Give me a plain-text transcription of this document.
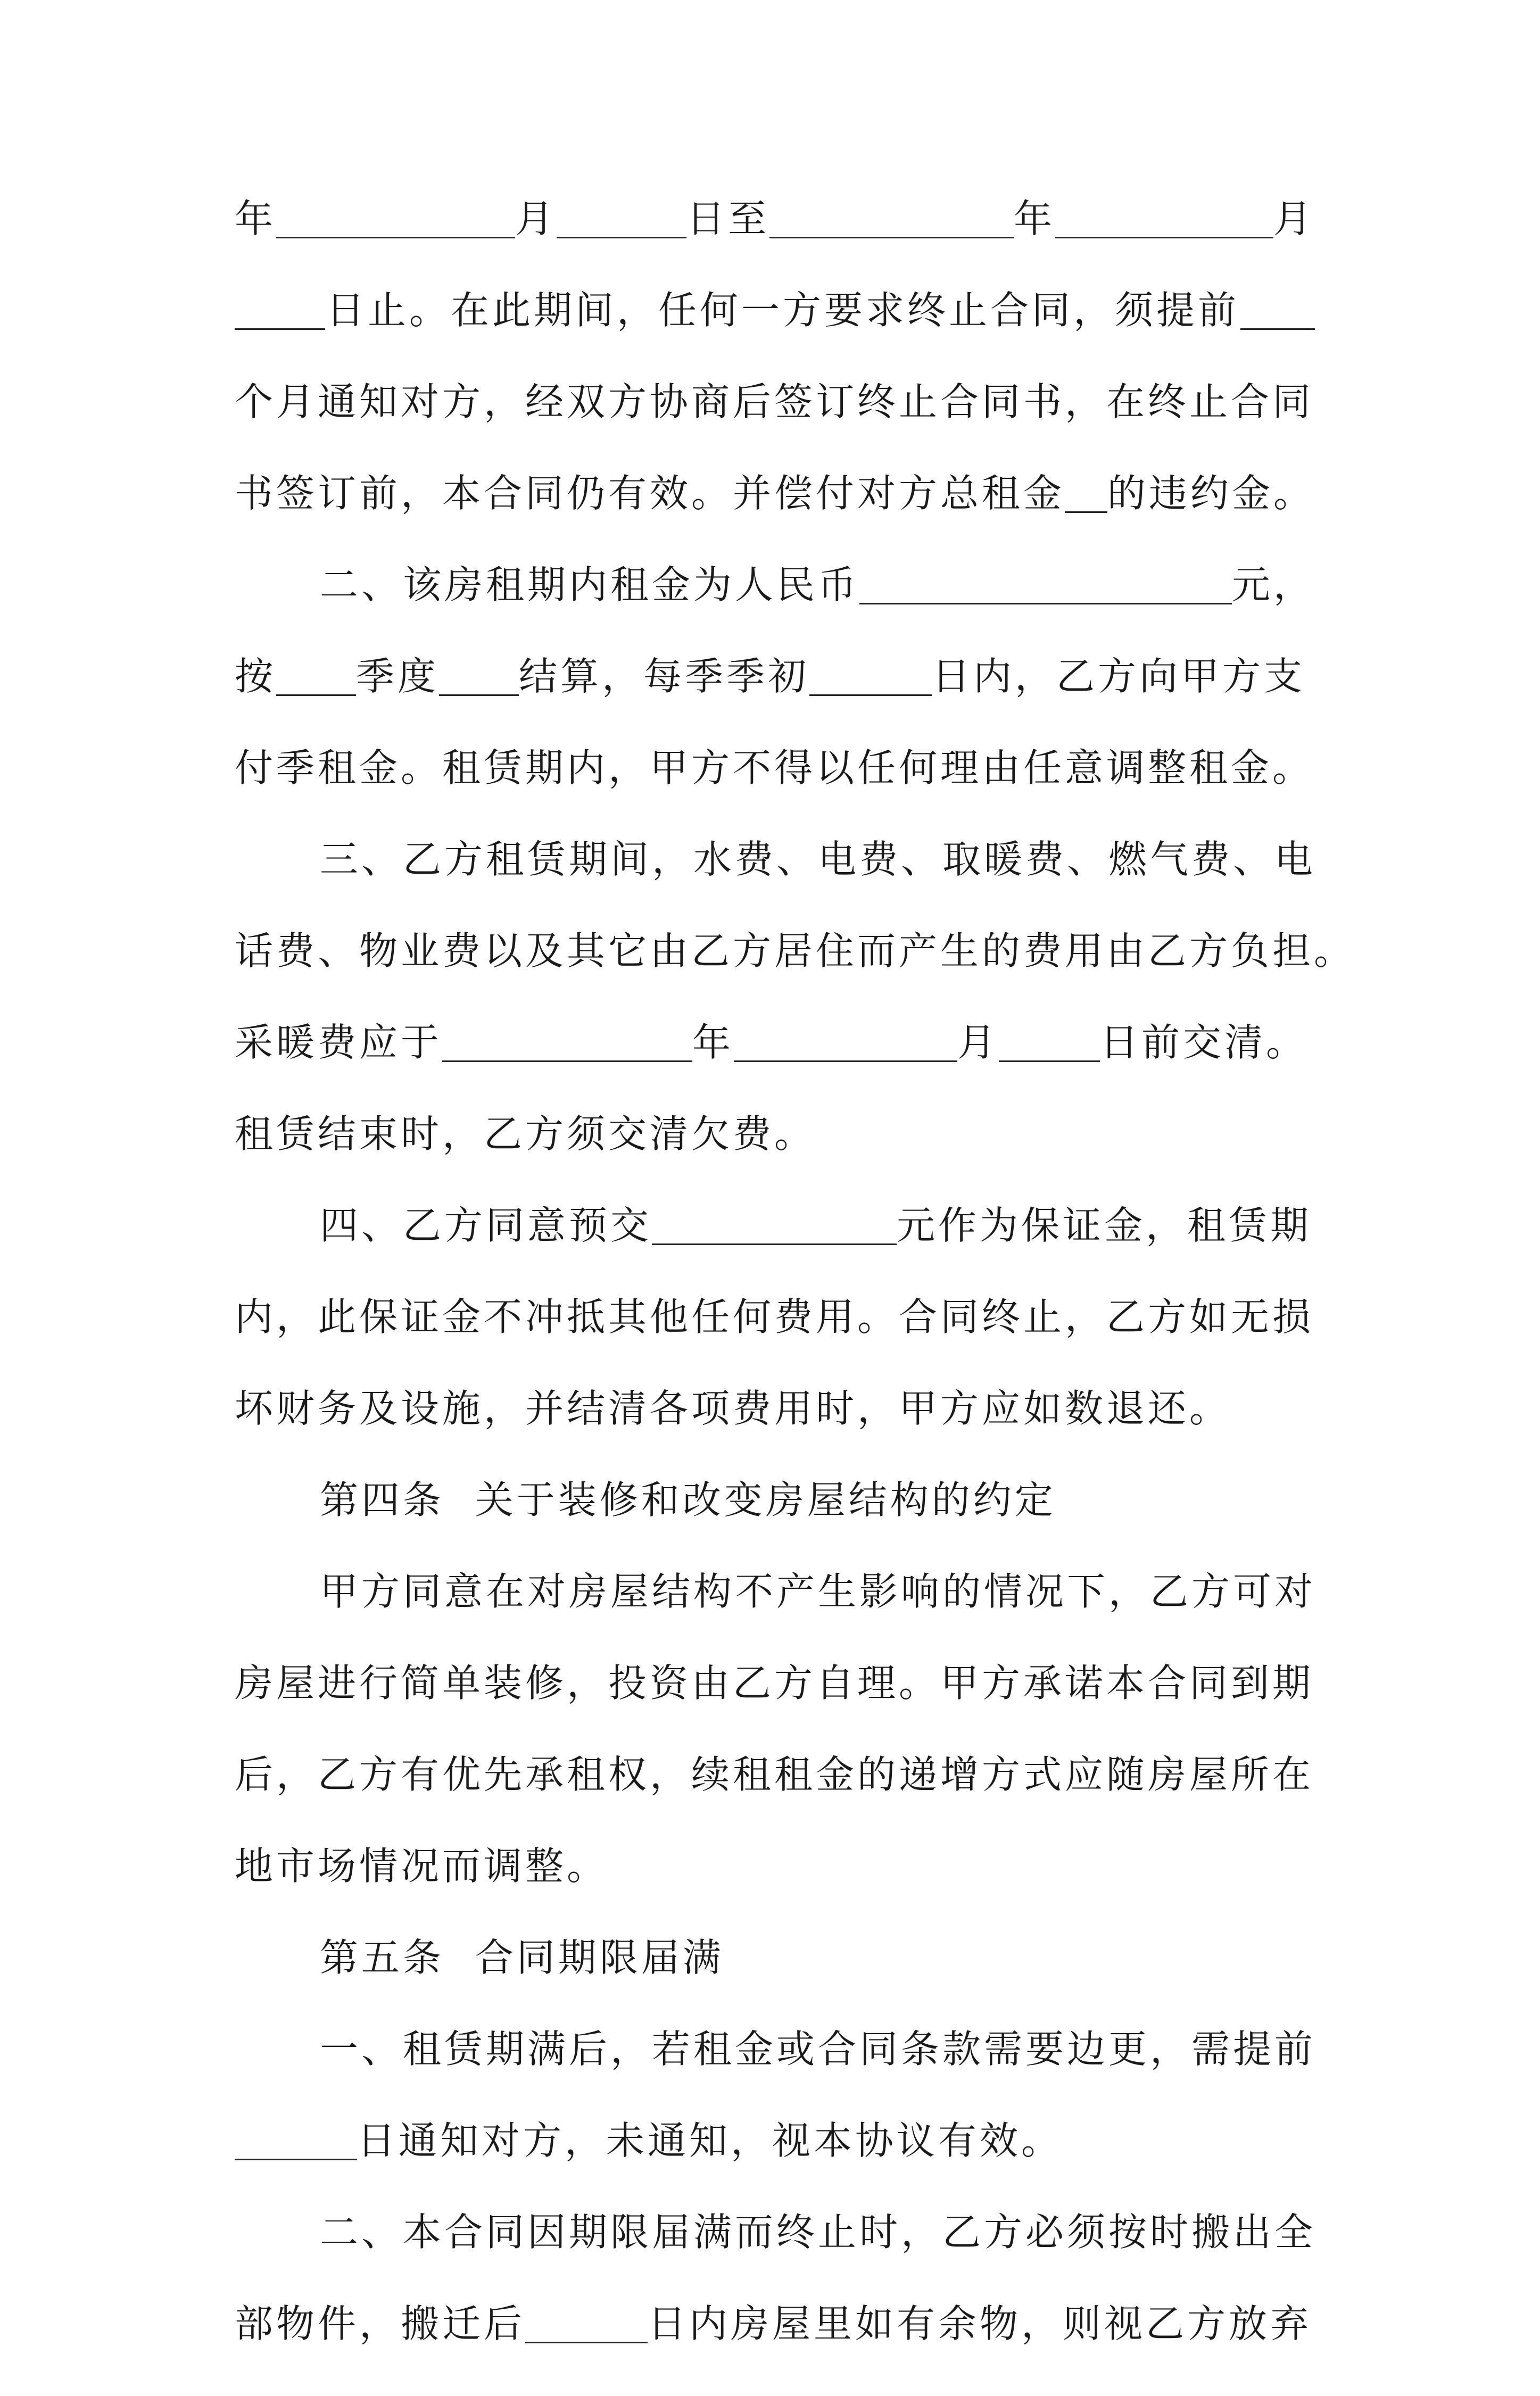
年	月	日至	年	月
日止。在此期间，任何一方要求终止合同，须提前
个月通知对方，经双方协商后签订终止合同书，在终止合同
书签订前，本合同仍有效。并偿付对方总租金 的违约金。
二、该房租期内租金为人民币	元，
按 季度 结算，每季季初	日内，乙方向甲方支
付季租金。租赁期内，甲方不得以任何理由任意调整租金。
三、乙方租赁期间，水费、电费、取暖费、燃气费、电
话费、物业费以及其它由乙方居住而产生的费用由乙方负担。
采暖费应于	年	月	日前交清。
租赁结束时，乙方须交清欠费。
四、乙方同意预交	元作为保证金，租赁期
内，此保证金不冲抵其他任何费用。合同终止，乙方如无损
坏财务及设施，并结清各项费用时，甲方应如数退还。
第四条  关于装修和改变房屋结构的约定
甲方同意在对房屋结构不产生影响的情况下，乙方可对
房屋进行简单装修，投资由乙方自理。甲方承诺本合同到期
后，乙方有优先承租权，续租租金的递增方式应随房屋所在
地市场情况而调整。
第五条  合同期限届满
一、租赁期满后，若租金或合同条款需要边更，需提前
日通知对方，未通知，视本协议有效。
二、本合同因期限届满而终止时，乙方必须按时搬出全
部物件，搬迁后	日内房屋里如有余物，则视乙方放弃
